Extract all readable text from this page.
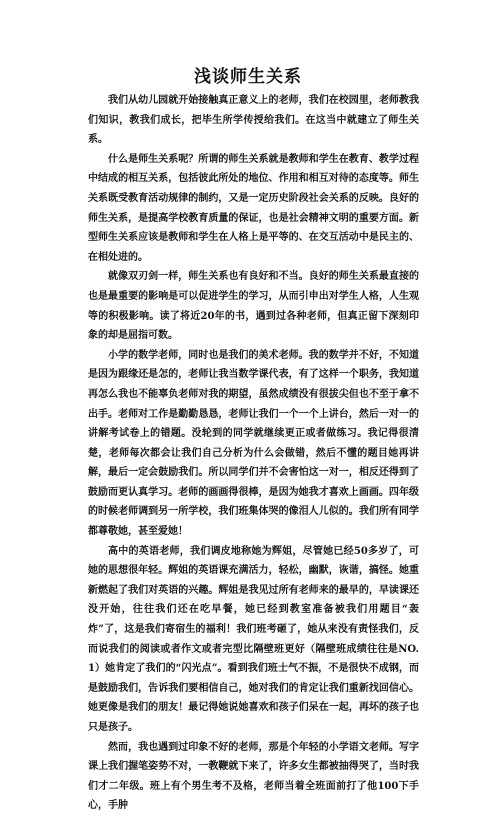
浅谈师生关系

我们从幼儿园就开始接触真正意义上的老师，我们在校园里，老师教我们知识，教我们成长，把毕生所学传授给我们。在这当中就建立了师生关系。

什么是师生关系呢？所谓的师生关系就是教师和学生在教育、教学过程中结成的相互关系，包括彼此所处的地位、作用和相互对待的态度等。师生关系既受教育活动规律的制约，又是一定历史阶段社会关系的反映。良好的师生关系，是提高学校教育质量的保证，也是社会精神文明的重要方面。新型师生关系应该是教师和学生在人格上是平等的、在交互活动中是民主的、在相处进的。

就像双刃剑一样，师生关系也有良好和不当。良好的师生关系最直接的也是最重要的影响是可以促进学生的学习，从而引申出对学生人格，人生观等的积极影响。读了将近20年的书，遇到过各种老师，但真正留下深刻印象的却是屈指可数。

小学的数学老师，同时也是我们的美术老师。我的数学并不好，不知道是因为跟缘还是怎的，老师让我当数学课代表，有了这样一个职务，我知道再怎么我也不能辜负老师对我的期望，虽然成绩没有很拔尖但也不至于拿不出手。老师对工作是勤勤恳恳，老师让我们一个一个上讲台，然后一对一的讲解考试卷上的错题。没轮到的同学就继续更正或者做练习。我记得很清楚，老师每次都会让我们自己分析为什么会做错，然后不懂的题目她再讲解，最后一定会鼓励我们。所以同学们并不会害怕这一对一，相反还得到了鼓励而更认真学习。老师的画画得很棒，是因为她我才喜欢上画画。四年级的时候老师调到另一所学校，我们班集体哭的像泪人儿似的。我们所有同学都尊敬她，甚至爱她！

高中的英语老师，我们调皮地称她为辉姐，尽管她已经50多岁了，可她的思想很年轻。辉姐的英语课充满活力，轻松，幽默，诙谐，搞怪。她重新燃起了我们对英语的兴趣。辉姐是我见过所有老师来的最早的，早读课还没开始，往往我们还在吃早餐，她已经到教室准备被我们用题目“轰炸”了，这是我们寄宿生的福利！我们班考砸了，她从来没有责怪我们，反而说我们的阅读或者作文或者完型比隔壁班更好（隔壁班成绩往往是NO.1）她肯定了我们的“闪光点”。看到我们班士气不振，不是很快不成钢，而是鼓励我们，告诉我们要相信自己，她对我们的肯定让我们重新找回信心。她更像是我们的朋友！最记得她说她喜欢和孩子们呆在一起，再坏的孩子也只是孩子。

然而，我也遇到过印象不好的老师，那是个年轻的小学语文老师。写字课上我们握笔姿势不对，一教鞭就下来了，许多女生都被抽得哭了，当时我们才二年级。班上有个男生考不及格，老师当着全班面前打了他100下手心，手肿
